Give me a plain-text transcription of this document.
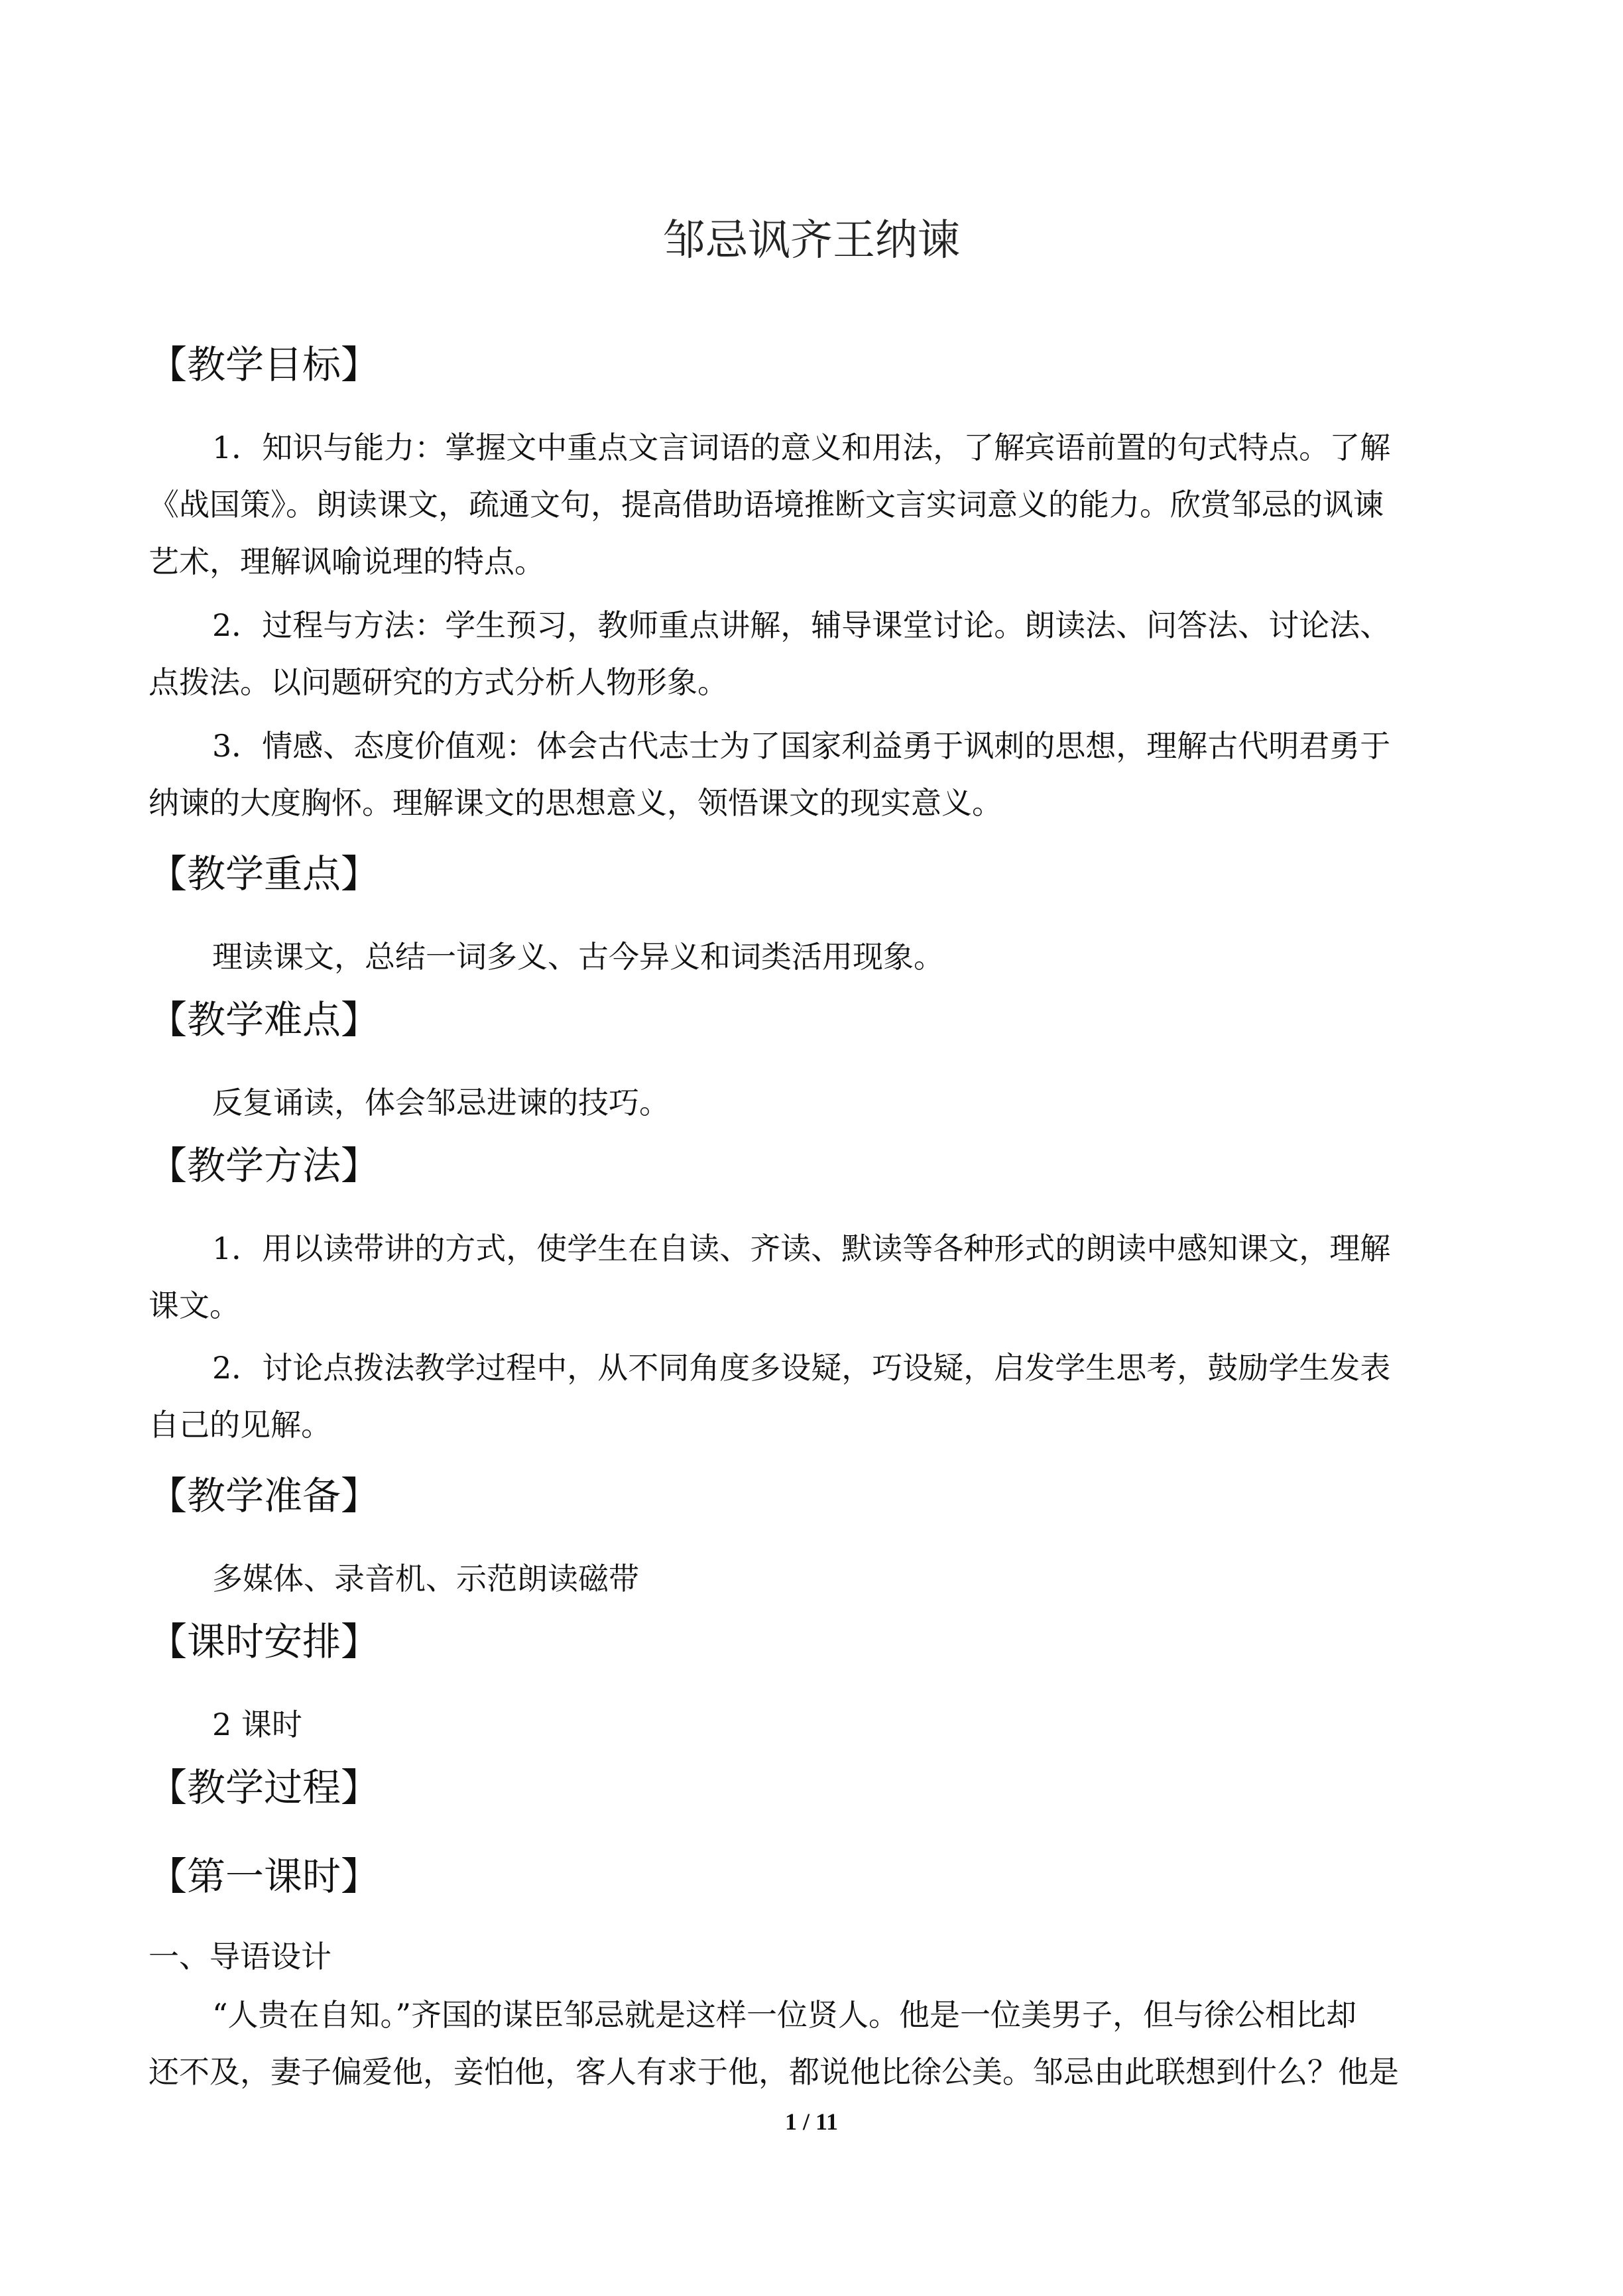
邹忌讽齐王纳谏
【教学目标】
1．知识与能力：掌握文中重点文言词语的意义和用法，了解宾语前置的句式特点。了解
《战国策》。朗读课文，疏通文句，提高借助语境推断文言实词意义的能力。欣赏邹忌的讽谏
艺术，理解讽喻说理的特点。
2．过程与方法：学生预习，教师重点讲解，辅导课堂讨论。朗读法、问答法、讨论法、
点拨法。以问题研究的方式分析人物形象。
3．情感、态度价值观：体会古代志士为了国家利益勇于讽刺的思想，理解古代明君勇于
纳谏的大度胸怀。理解课文的思想意义，领悟课文的现实意义。
【教学重点】
理读课文，总结一词多义、古今异义和词类活用现象。
【教学难点】
反复诵读，体会邹忌进谏的技巧。
【教学方法】
1．用以读带讲的方式，使学生在自读、齐读、默读等各种形式的朗读中感知课文，理解
课文。
2．讨论点拨法教学过程中，从不同角度多设疑，巧设疑，启发学生思考，鼓励学生发表
自己的见解。
【教学准备】
多媒体、录音机、示范朗读磁带
【课时安排】
2 课时
【教学过程】
【第一课时】
一、导语设计
“人贵在自知。”齐国的谋臣邹忌就是这样一位贤人。他是一位美男子，但与徐公相比却
还不及，妻子偏爱他，妾怕他，客人有求于他，都说他比徐公美。邹忌由此联想到什么？他是
1 / 11
